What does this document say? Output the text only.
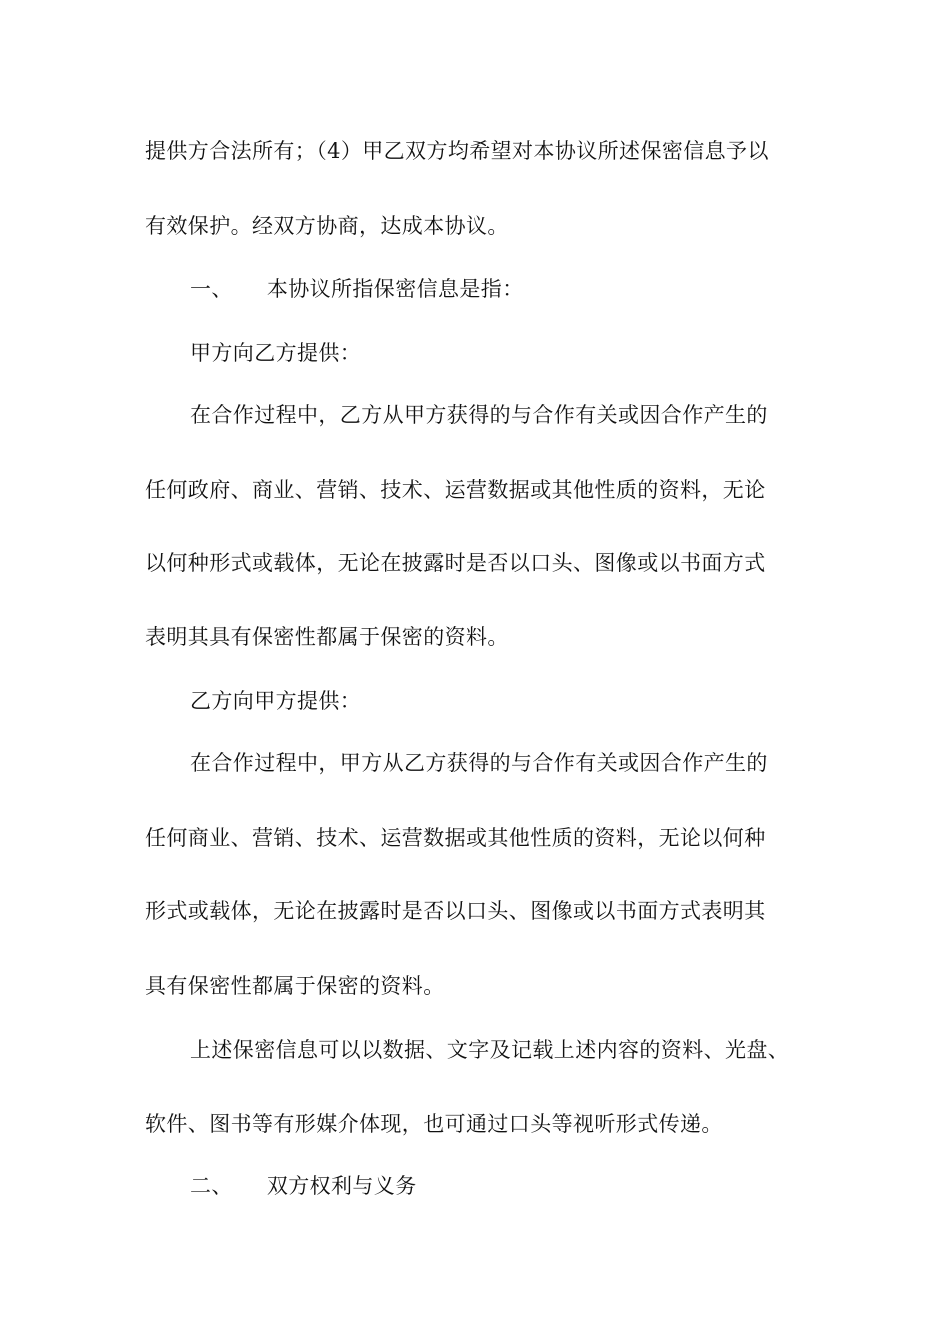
提供方合法所有；（4）甲乙双方均希望对本协议所述保密信息予以
有效保护。经双方协商，达成本协议。
一、 本协议所指保密信息是指：
甲方向乙方提供：
在合作过程中，乙方从甲方获得的与合作有关或因合作产生的
任何政府、商业、营销、技术、运营数据或其他性质的资料，无论
以何种形式或载体，无论在披露时是否以口头、图像或以书面方式
表明其具有保密性都属于保密的资料。
乙方向甲方提供：
在合作过程中，甲方从乙方获得的与合作有关或因合作产生的
任何商业、营销、技术、运营数据或其他性质的资料，无论以何种
形式或载体，无论在披露时是否以口头、图像或以书面方式表明其
具有保密性都属于保密的资料。
上述保密信息可以以数据、文字及记载上述内容的资料、光盘、
软件、图书等有形媒介体现，也可通过口头等视听形式传递。
二、 双方权利与义务
